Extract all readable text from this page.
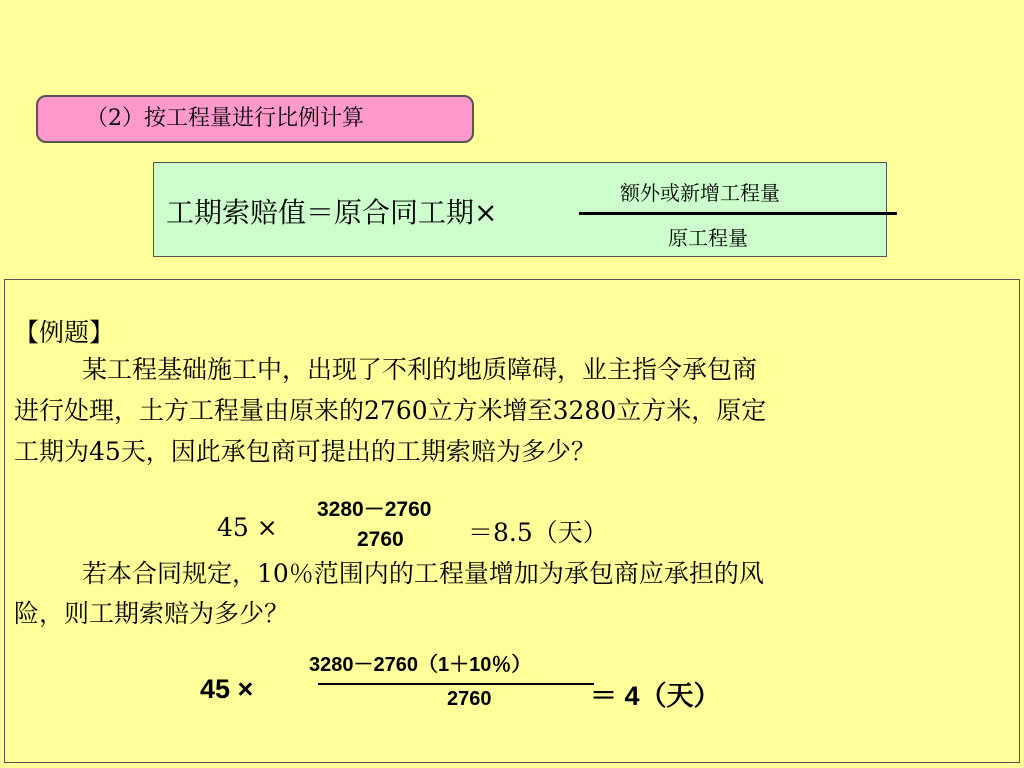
（2）按工程量进行比例计算
工期索赔值＝原合同工期×
额外或新增工程量
原工程量
【例题】
某工程基础施工中，出现了不利的地质障碍，业主指令承包商
进行处理，土方工程量由原来的2760立方米增至3280立方米，原定
工期为45天，因此承包商可提出的工期索赔为多少？
45 ×
3280－2760
2760	＝8.5（天）
若本合同规定，10％范围内的工程量增加为承包商应承担的风
险，则工期索赔为多少？
45 ×
3280－2760（1＋10％）
2760	＝ 4（天）
